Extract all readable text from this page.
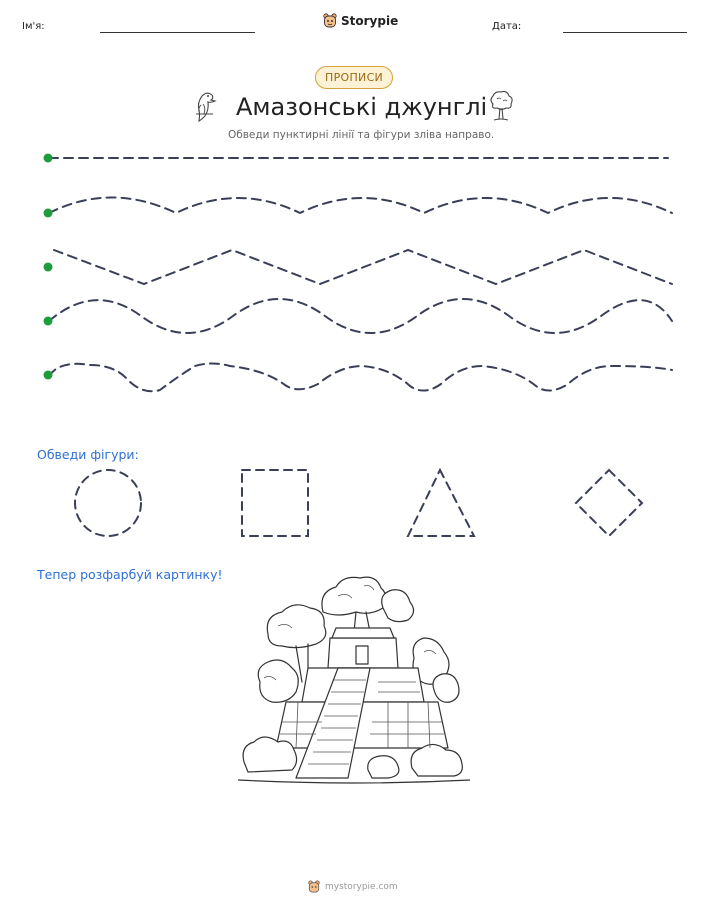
Ім'я:	Storypie	Дата:
ПРОПИСИ
Амазонські джунглі
Обведи пунктирні лінії та фігури зліва направо.
Обведи фігури:
Тепер розфарбуй картинку!
mystorypie.com
